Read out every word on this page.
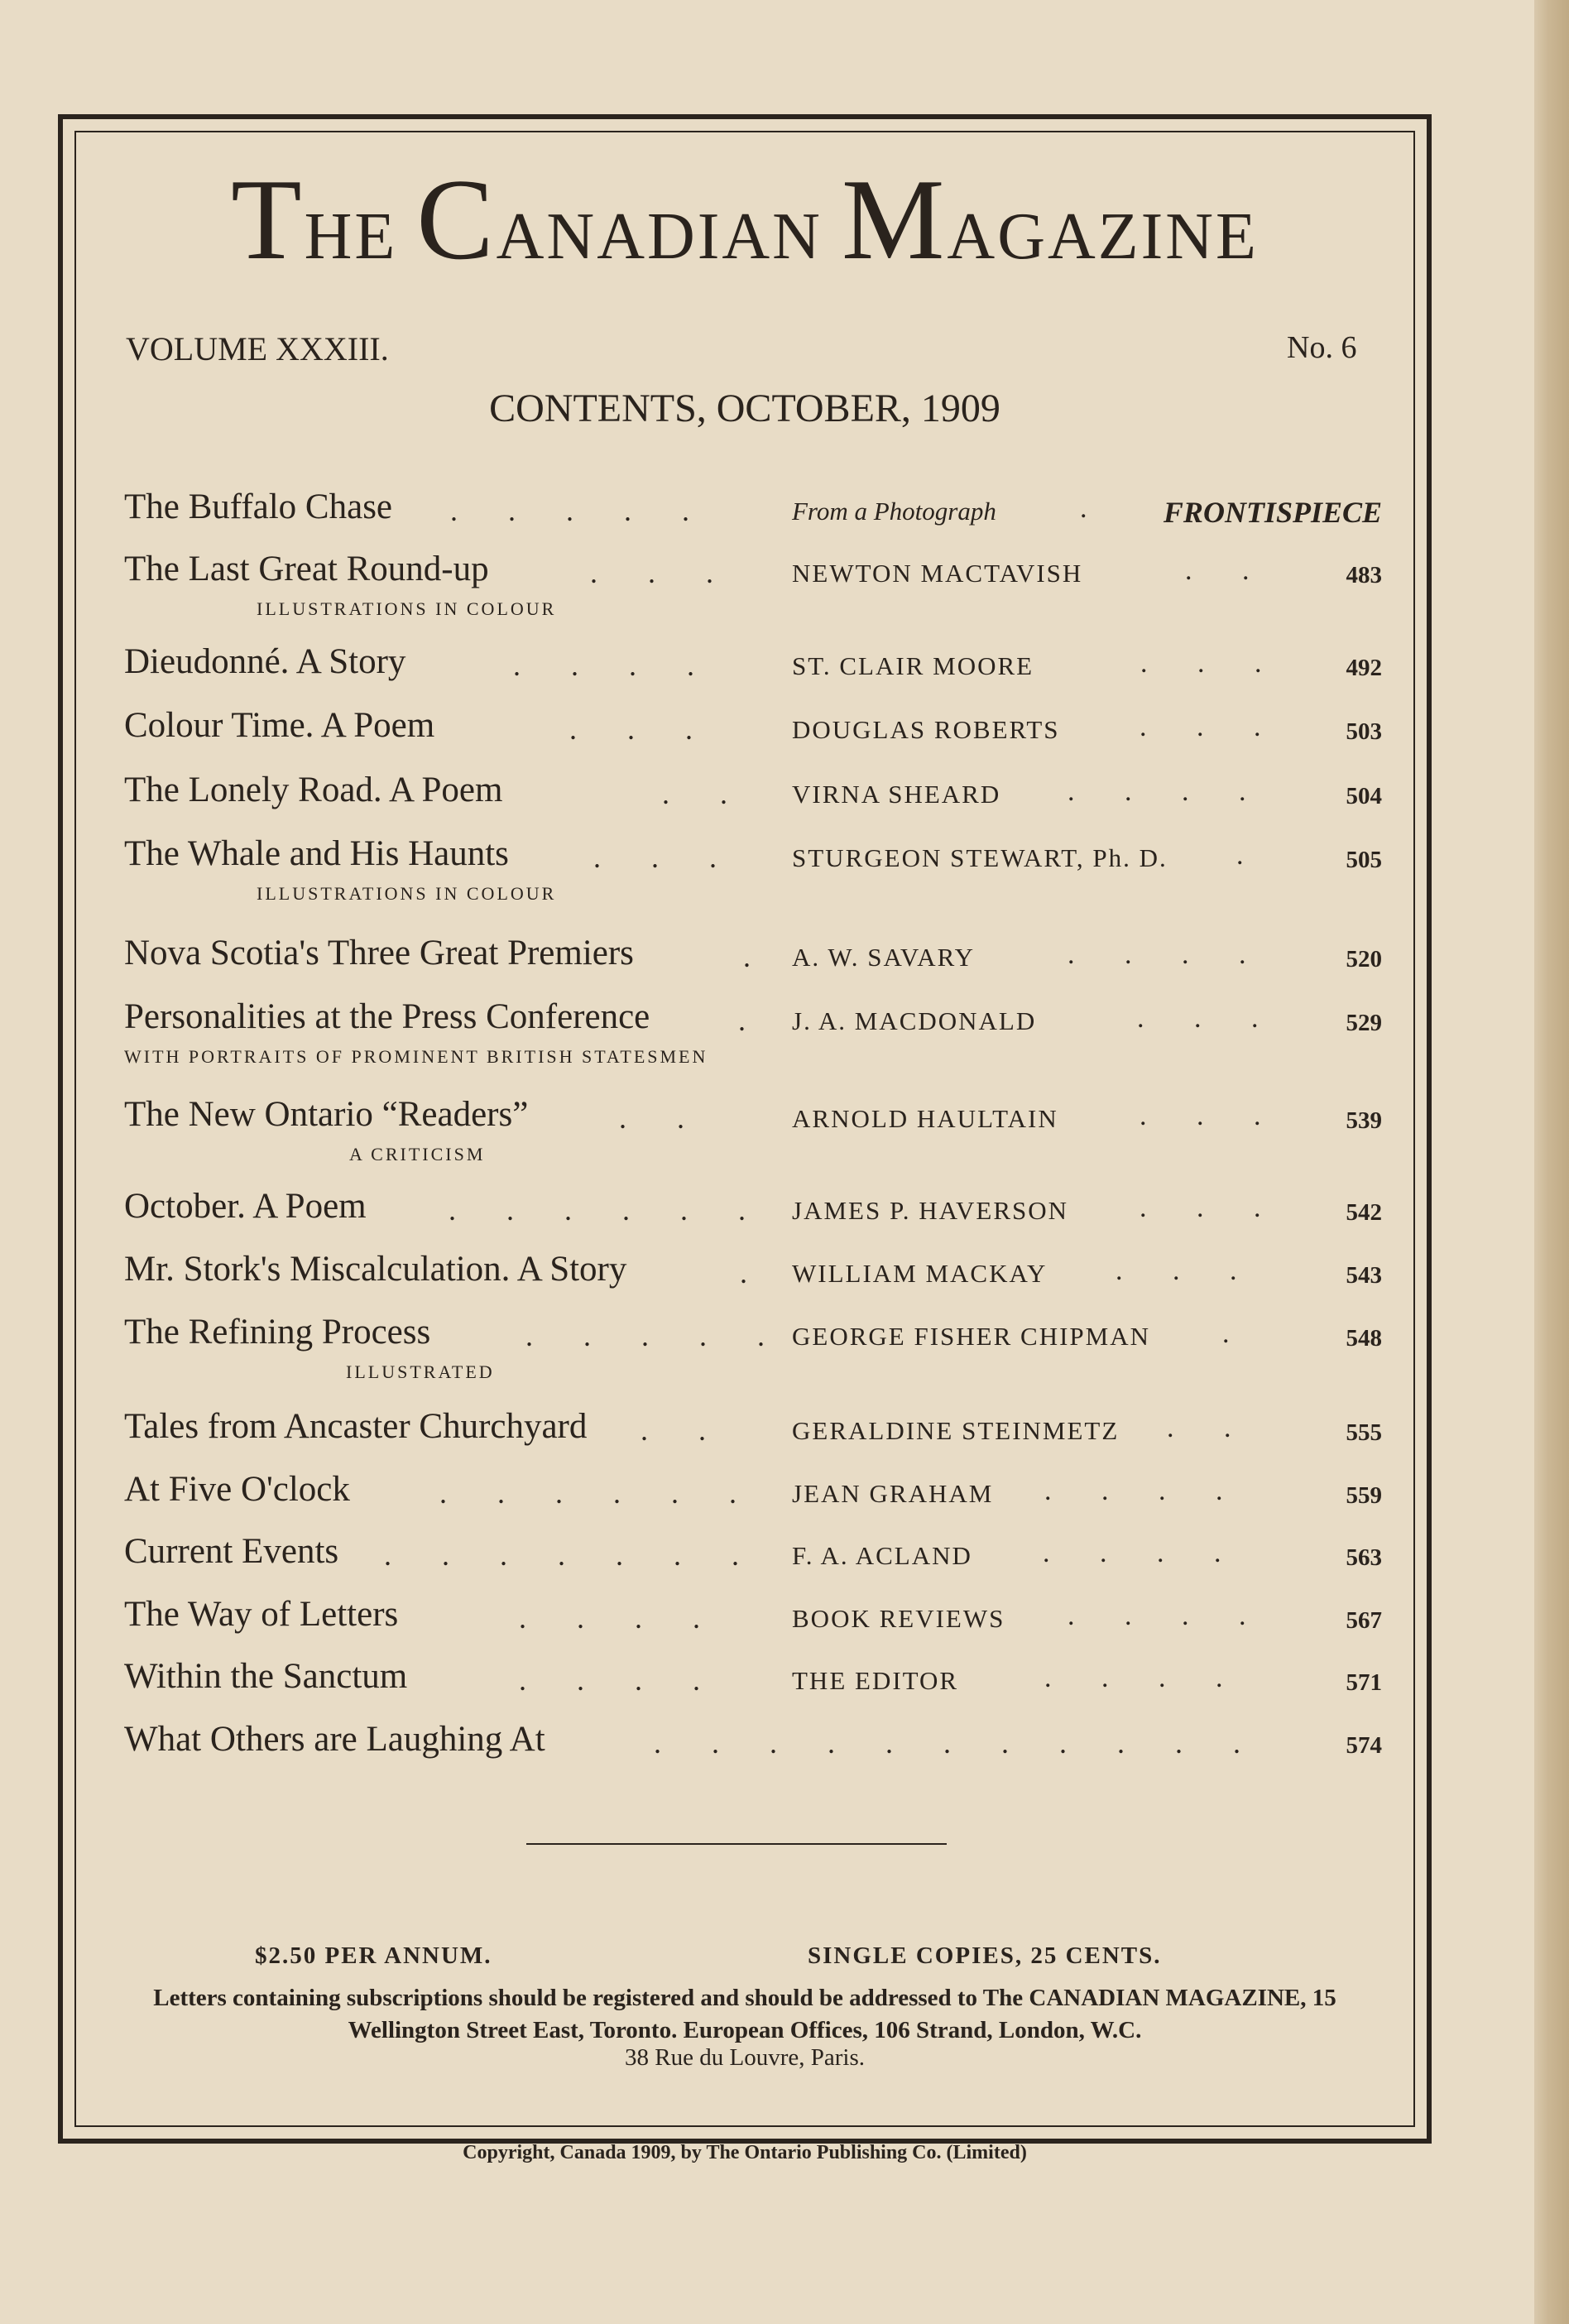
THE CANADIAN MAGAZINE
VOLUME XXXIII.	No. 6
CONTENTS, OCTOBER, 1909
The Buffalo Chase . . . . .	From a Photograph	. FRONTISPIECE
The Last Great Round-up	. . . NEWTON MACTAVISH	. .	483
ILLUSTRATIONS IN COLOUR
Dieudonné. A Story	. . . .	ST. CLAIR MOORE	. . .	492
Colour Time. A Poem	. . .	DOUGLAS ROBERTS	. . .	503
The Lonely Road. A Poem	. . VIRNA SHEARD . . . .	504
The Whale and His Haunts	. . . STURGEON STEWART, Ph. D. .	505
ILLUSTRATIONS IN COLOUR
Nova Scotia's Three Great Premiers	. A. W. SAVARY	. . . .	520
Personalities at the Press Conference	. J. A. MACDONALD	. . .	529
WITH PORTRAITS OF PROMINENT BRITISH STATESMEN
The New Ontario “Readers”	. .	ARNOLD HAULTAIN	. . .	539
A CRITICISM
October. A Poem	. . . . . . JAMES P. HAVERSON	. . .	542
Mr. Stork's Miscalculation. A Story	. WILLIAM MACKAY . . .	543
The Refining Process	. . . . . GEORGE FISHER CHIPMAN	.	548
ILLUSTRATED
Tales from Ancaster Churchyard . .	GERALDINE STEINMETZ . .	555
At Five O'clock	. . . . . . JEAN GRAHAM . . . .	559
Current Events . . . . . . . F. A. ACLAND	. . . .	563
The Way of Letters	. . . .	BOOK REVIEWS . . . .	567
Within the Sanctum	. . . .	THE EDITOR	. . . .	571
What Others are Laughing At	. . . . . . . . . . .	574
$2.50 PER ANNUM.	SINGLE COPIES, 25 CENTS.
Letters containing subscriptions should be registered and should be addressed to The CANADIAN MAGAZINE, 15 Wellington Street East, Toronto. European Offices, 106 Strand, London, W.C.
38 Rue du Louvre, Paris.
Copyright, Canada 1909, by The Ontario Publishing Co. (Limited)
